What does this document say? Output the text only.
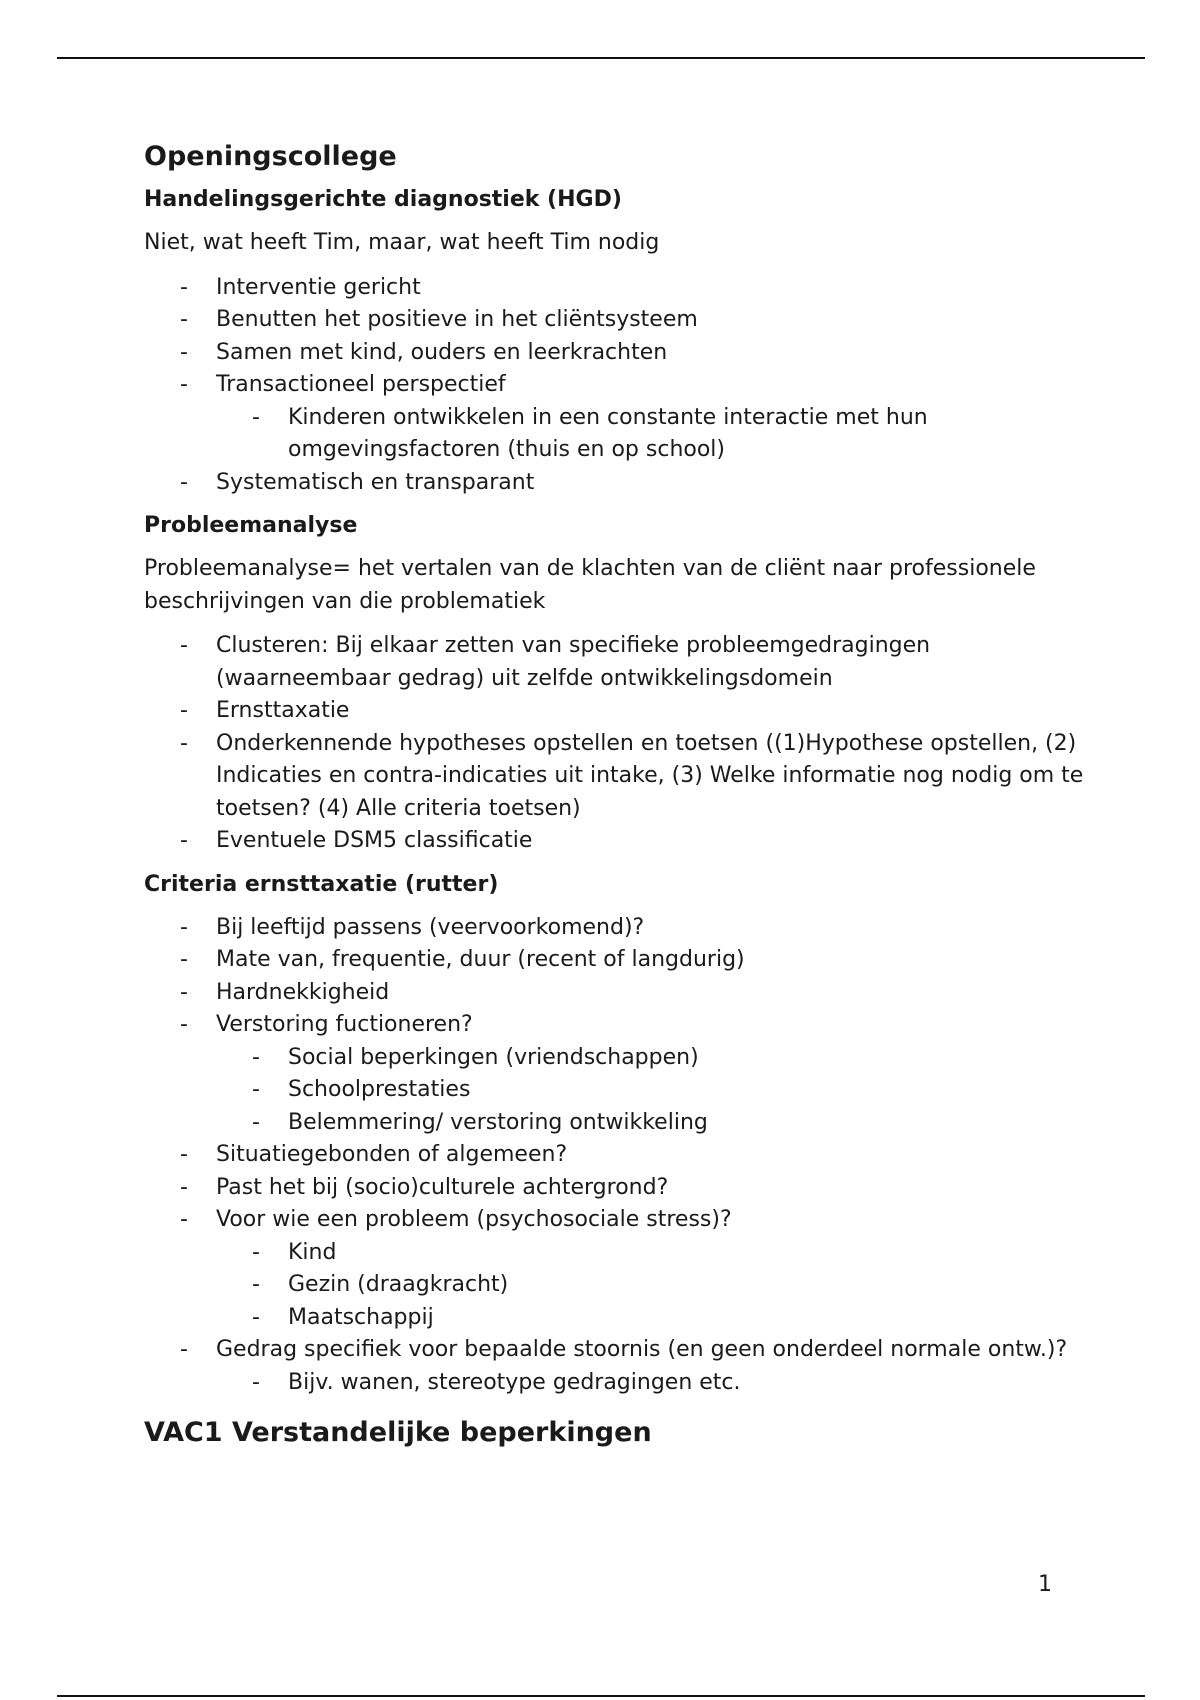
Openingscollege
Handelingsgerichte diagnostiek (HGD)

Niet, wat heeft Tim, maar, wat heeft Tim nodig

- Interventie gericht
- Benutten het positieve in het cliëntsysteem
- Samen met kind, ouders en leerkrachten
- Transactioneel perspectief
- Kinderen ontwikkelen in een constante interactie met hun omgevingsfactoren (thuis en op school)
- Systematisch en transparant
Probleemanalyse

Probleemanalyse= het vertalen van de klachten van de cliënt naar professionele beschrijvingen van die problematiek

- Clusteren: Bij elkaar zetten van specifieke probleemgedragingen (waarneembaar gedrag) uit zelfde ontwikkelingsdomein
- Ernsttaxatie
- Onderkennende hypotheses opstellen en toetsen ((1)Hypothese opstellen, (2) Indicaties en contra-indicaties uit intake, (3) Welke informatie nog nodig om te toetsen? (4) Alle criteria toetsen)
- Eventuele DSM5 classificatie
Criteria ernsttaxatie (rutter)
- Bij leeftijd passens (veervoorkomend)?
- Mate van, frequentie, duur (recent of langdurig)
- Hardnekkigheid
- Verstoring fuctioneren?
- Social beperkingen (vriendschappen)
- Schoolprestaties
- Belemmering/ verstoring ontwikkeling
- Situatiegebonden of algemeen?
- Past het bij (socio)culturele achtergrond?
- Voor wie een probleem (psychosociale stress)?
- Kind
- Gezin (draagkracht)
- Maatschappij
- Gedrag specifiek voor bepaalde stoornis (en geen onderdeel normale ontw.)?
- Bijv. wanen, stereotype gedragingen etc.
VAC1 Verstandelijke beperkingen
1
